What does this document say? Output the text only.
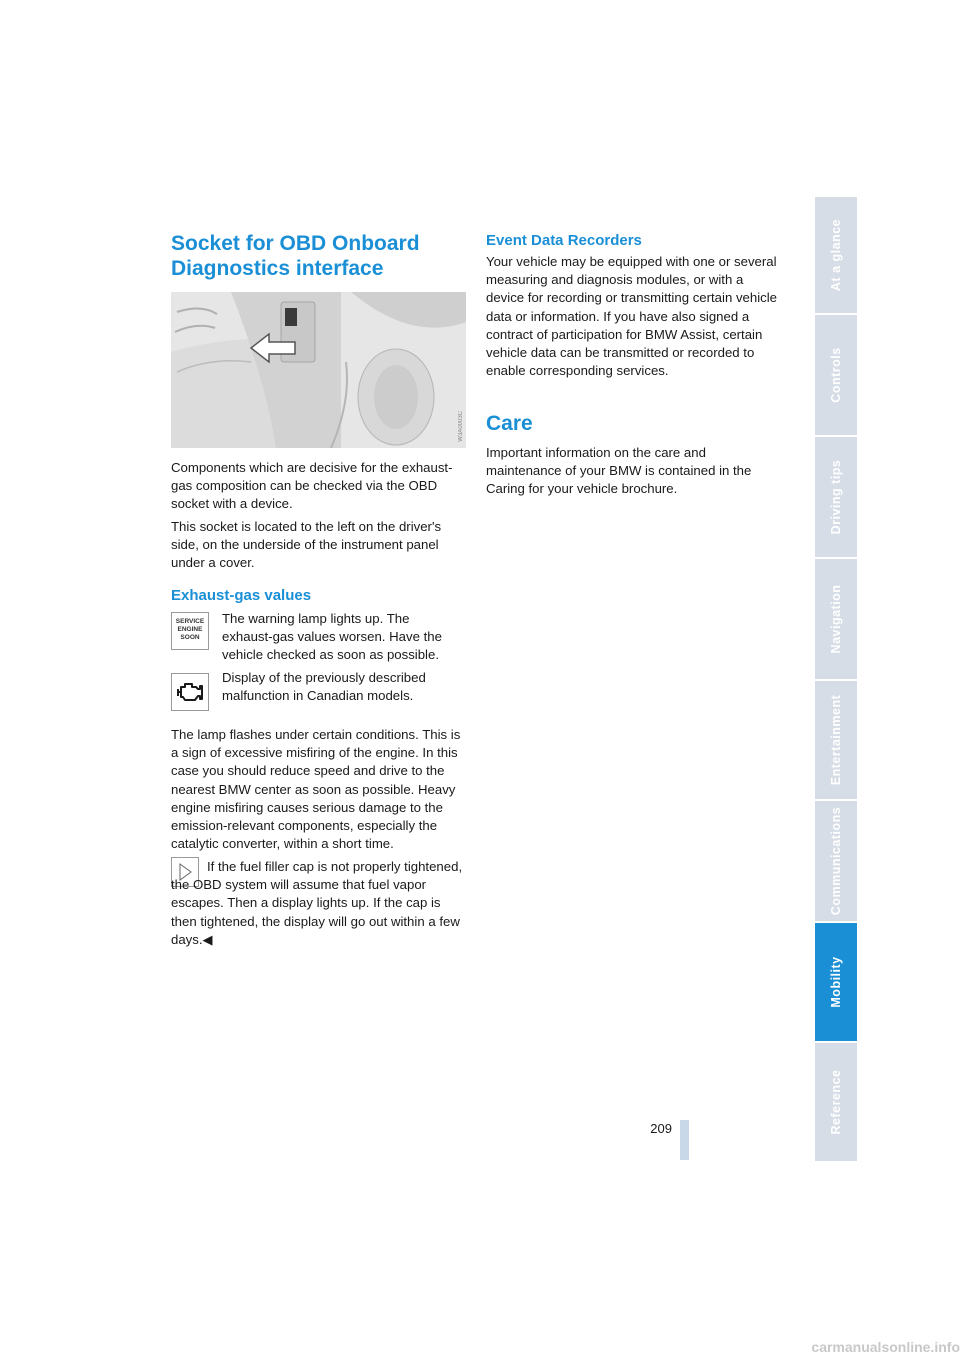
Socket for OBD Onboard Diagnostics interface
W3A0003C

Components which are decisive for the exhaust-gas composition can be checked via the OBD socket with a device.

This socket is located to the left on the driver's side, on the underside of the instrument panel under a cover.

Exhaust-gas values
SERVICE ENGINE SOON

The warning lamp lights up. The exhaust-gas values worsen. Have the vehicle checked as soon as possible.

Display of the previously described malfunction in Canadian models.

The lamp flashes under certain conditions. This is a sign of excessive misfiring of the engine. In this case you should reduce speed and drive to the nearest BMW center as soon as possible. Heavy engine misfiring causes serious damage to the emission-relevant components, especially the catalytic converter, within a short time.

If the fuel filler cap is not properly tightened, the OBD system will assume that fuel vapor escapes. Then a display lights up. If the cap is then tightened, the display will go out within a few days.◀

Event Data Recorders

Your vehicle may be equipped with one or several measuring and diagnosis modules, or with a device for recording or transmitting certain vehicle data or information. If you have also signed a contract of participation for BMW Assist, certain vehicle data can be transmitted or recorded to enable corresponding services.

Care

Important information on the care and maintenance of your BMW is contained in the Caring for your vehicle brochure.

At a glance
Controls
Driving tips
Navigation
Entertainment
Communications
Mobility
Reference
209
carmanualsonline.info
